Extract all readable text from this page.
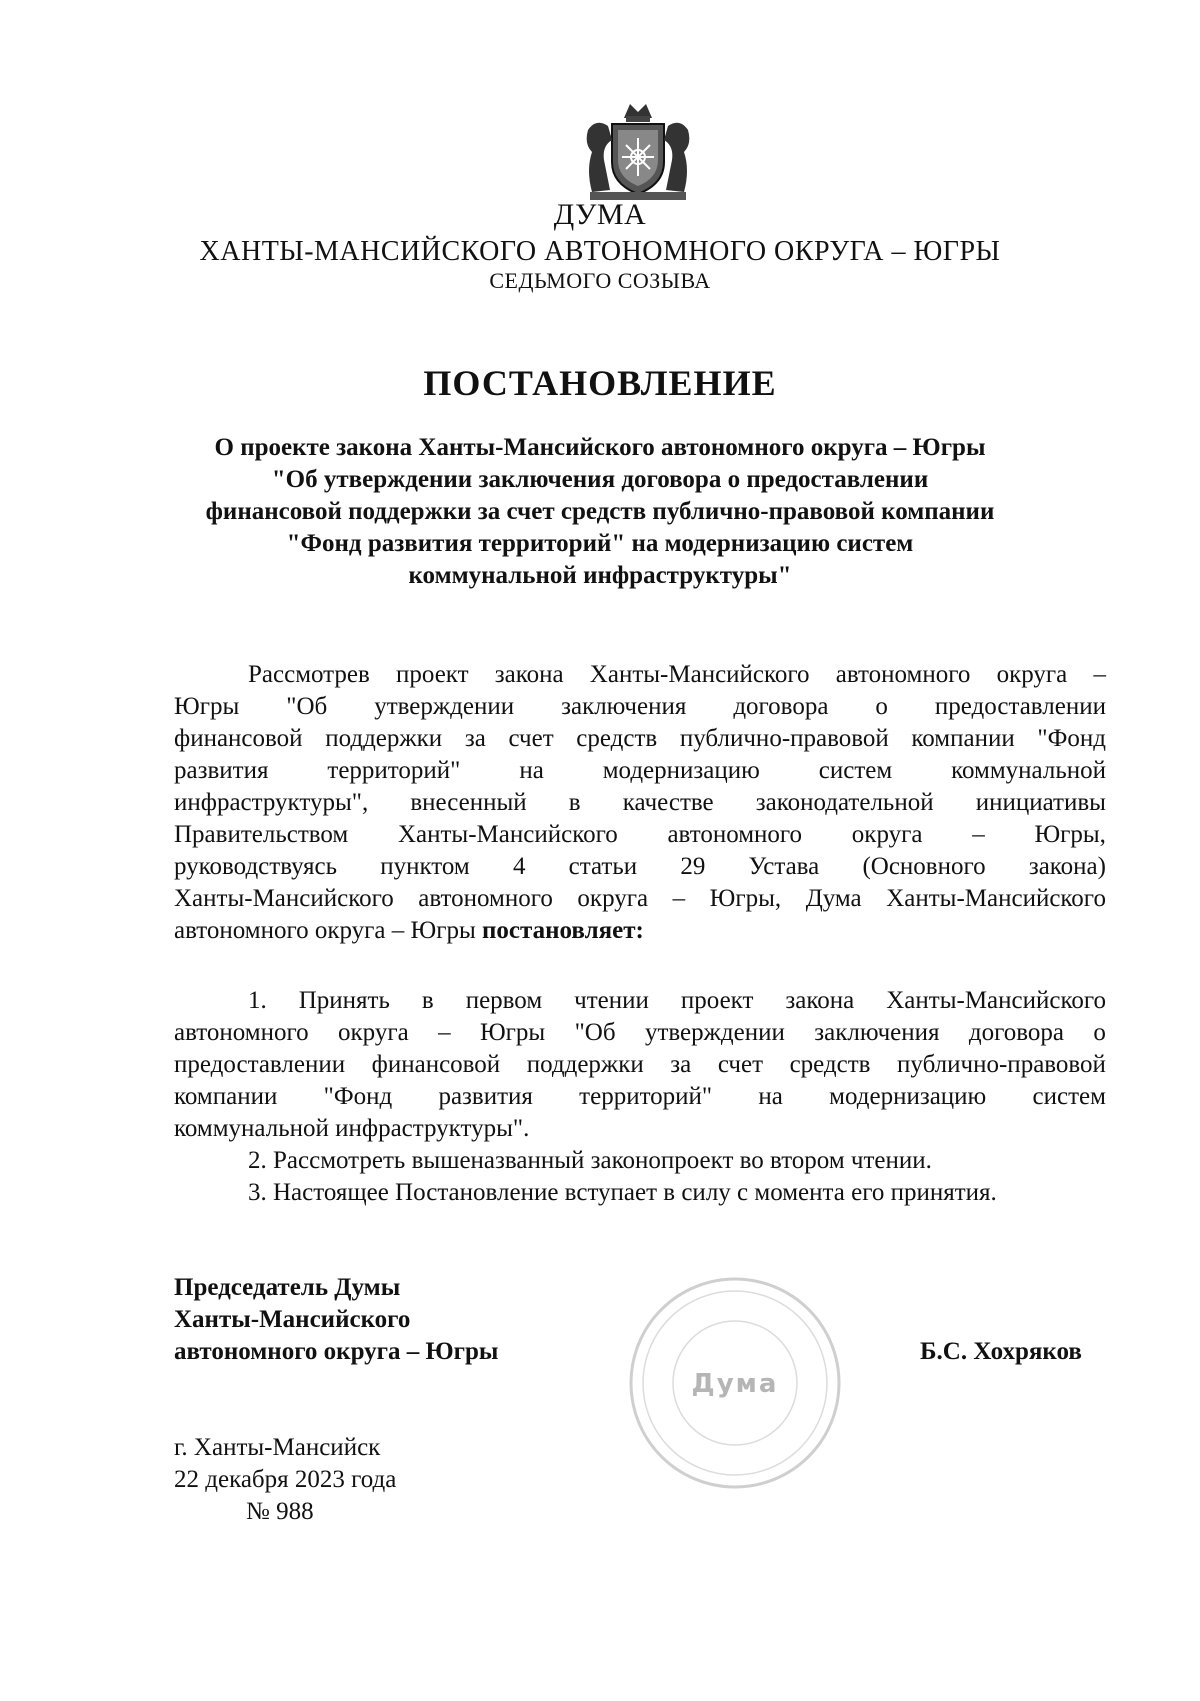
ДУМА
ХАНТЫ-МАНСИЙСКОГО АВТОНОМНОГО ОКРУГА – ЮГРЫ
СЕДЬМОГО СОЗЫВА
ПОСТАНОВЛЕНИЕ
О проекте закона Ханты-Мансийского автономного округа – Югры
"Об утверждении заключения договора о предоставлении
финансовой поддержки за счет средств публично-правовой компании
"Фонд развития территорий" на модернизацию систем
коммунальной инфраструктуры"
Рассмотрев проект закона Ханты-Мансийского автономного округа –
Югры "Об утверждении заключения договора о предоставлении
финансовой поддержки за счет средств публично-правовой компании "Фонд
развития территорий" на модернизацию систем коммунальной
инфраструктуры", внесенный в качестве законодательной инициативы
Правительством Ханты-Мансийского автономного округа – Югры,
руководствуясь пунктом 4 статьи 29 Устава (Основного закона)
Ханты-Мансийского автономного округа – Югры, Дума Ханты-Мансийского
автономного округа – Югры
постановляет:
1. Принять в первом чтении проект закона Ханты-Мансийского
автономного округа – Югры "Об утверждении заключения договора о
предоставлении финансовой поддержки за счет средств публично-правовой
компании "Фонд развития территорий" на модернизацию систем
коммунальной инфраструктуры".
2. Рассмотреть вышеназванный законопроект во втором чтении.
3. Настоящее Постановление вступает в силу с момента его принятия.
Председатель Думы
Ханты-Мансийского
автономного округа – Югры
Дума
Б.С. Хохряков
г. Ханты-Мансийск
22 декабря 2023 года
№ 988
